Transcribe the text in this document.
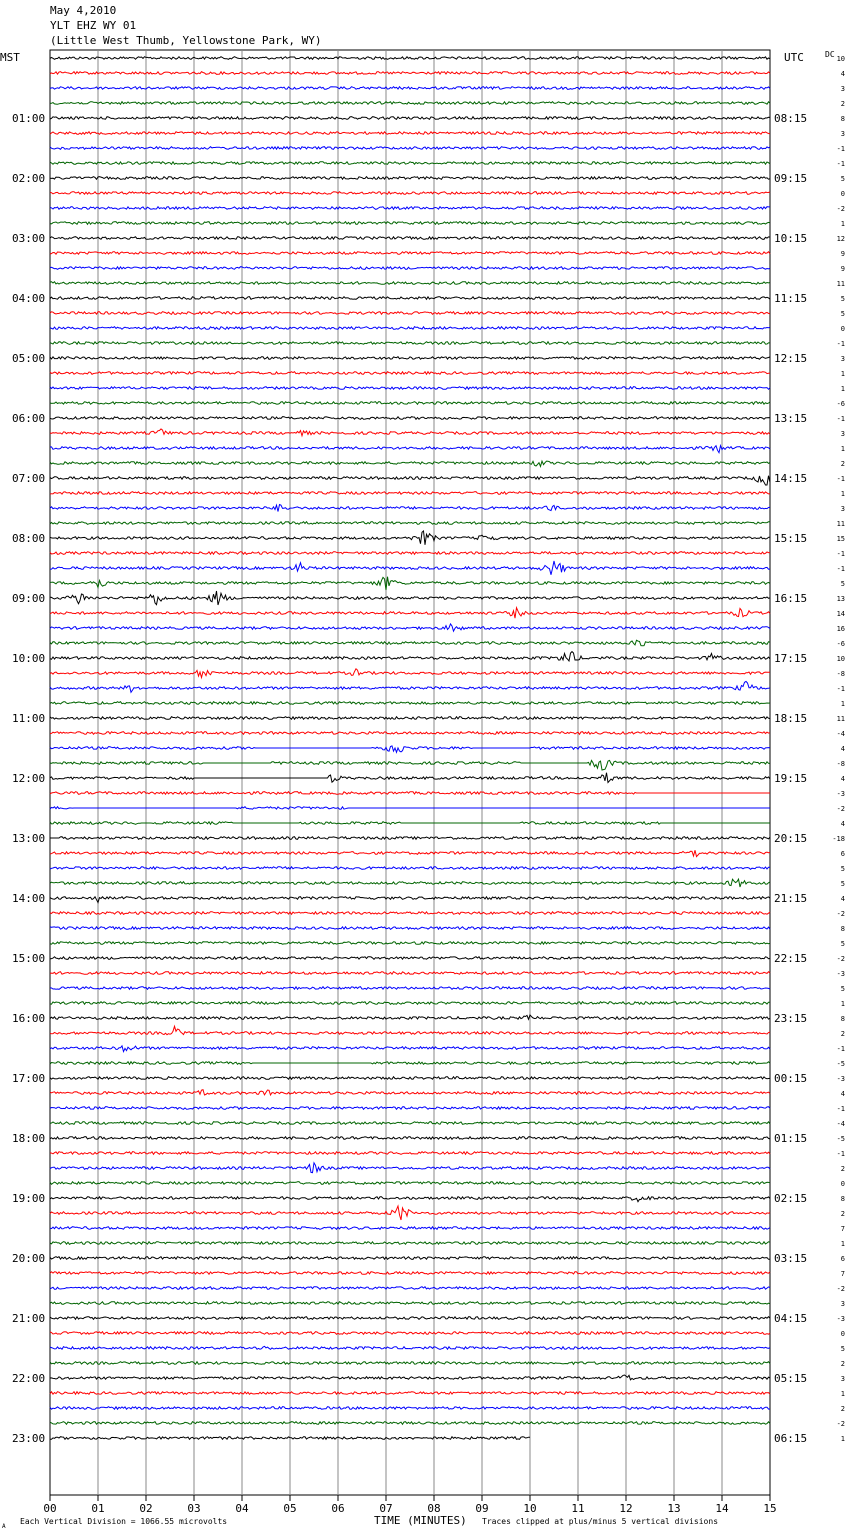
May 4,2010
YLT EHZ WY 01
(Little West Thumb, Yellowstone Park, WY)
01:00
02:00
03:00
04:00
05:00
06:00
07:00
08:00
09:00
10:00
11:00
12:00
13:00
14:00
15:00
16:00
17:00
18:00
19:00
20:00
21:00
22:00
23:00
08:15
09:15
10:15
11:15
12:15
13:15
14:15
15:15
16:15
17:15
18:15
19:15
20:15
21:15
22:15
23:15
00:15
01:15
02:15
03:15
04:15
05:15
06:15
10
4
3
2
8
3
-1
-1
5
0
-2
1
12
9
9
11
5
5
0
-1
3
1
1
-6
-1
3
1
2
-1
1
3
11
15
-1
-1
5
13
14
16
-6
10
-8
-1
1
11
-4
4
-8
4
-3
-2
4
-18
6
5
5
4
-2
8
5
-2
-3
5
1
8
2
-1
-5
-3
4
-1
-4
-5
-1
2
0
8
2
7
1
6
7
-2
3
-3
0
5
2
3
1
2
-2
1
00	01	02	03	04	05	06	07	08	09	10	11	12	13	14	15
MST	UTC	DC
Each Vertical Division = 1066.55 microvolts	TIME (MINUTES) Traces clipped at plus/minus 5 vertical divisions
A
